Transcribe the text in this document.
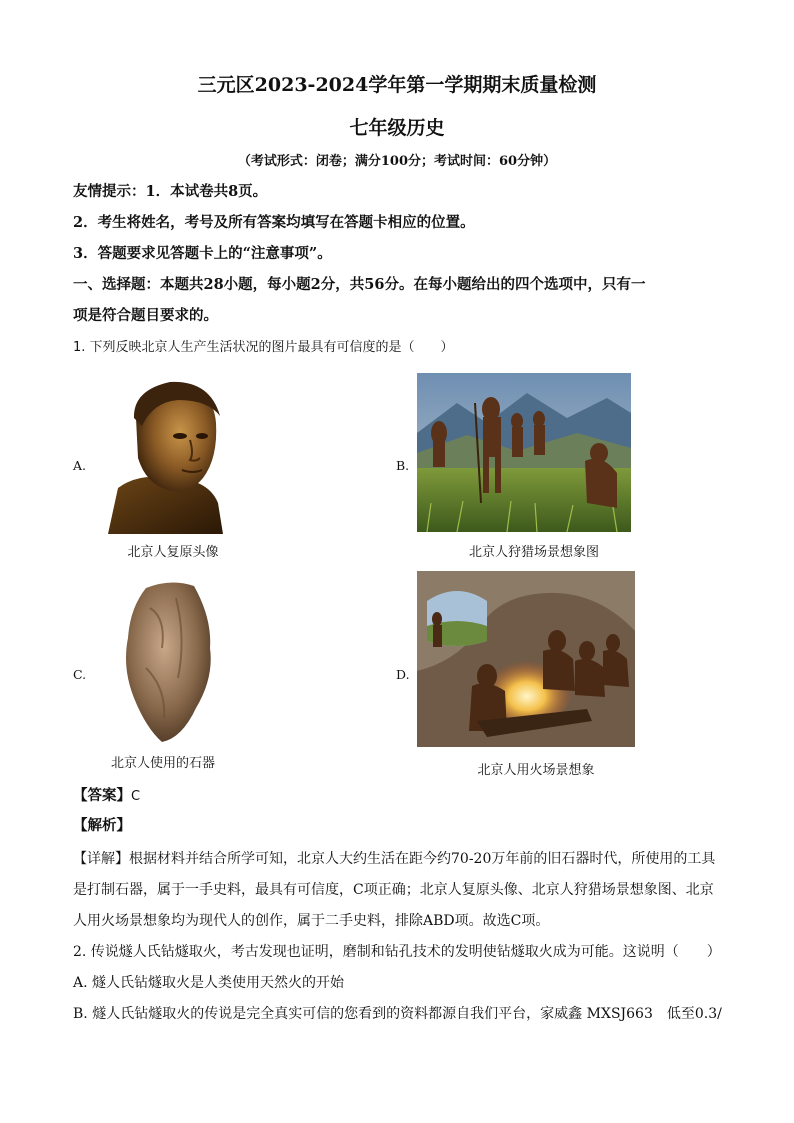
三元区2023-2024学年第一学期期末质量检测
七年级历史
（考试形式：闭卷；满分100分；考试时间：60分钟）
友情提示：1．本试卷共8页。
2．考生将姓名，考号及所有答案均填写在答题卡相应的位置。
3．答题要求见答题卡上的“注意事项”。
一、选择题：本题共28小题，每小题2分，共56分。在每小题给出的四个选项中，只有一
项是符合题目要求的。
1. 下列反映北京人生产生活状况的图片最具有可信度的是（　　）
A.
北京人复原头像
B.
北京人狩猎场景想象图
C.
北京人使用的石器
D.
北京人用火场景想象
【答案】C
【解析】
【详解】根据材料并结合所学可知，北京人大约生活在距今约70-20万年前的旧石器时代，所使用的工具
是打制石器，属于一手史料，最具有可信度，C项正确；北京人复原头像、北京人狩猎场景想象图、北京
人用火场景想象均为现代人的创作，属于二手史料，排除ABD项。故选C项。
2. 传说燧人氏钻燧取火，考古发现也证明，磨制和钻孔技术的发明使钻燧取火成为可能。这说明（　　）
A. 燧人氏钻燧取火是人类使用天然火的开始
B. 燧人氏钻燧取火的传说是完全真实可信的您看到的资料都源自我们平台，家威鑫 MXSJ663　低至0.3/
